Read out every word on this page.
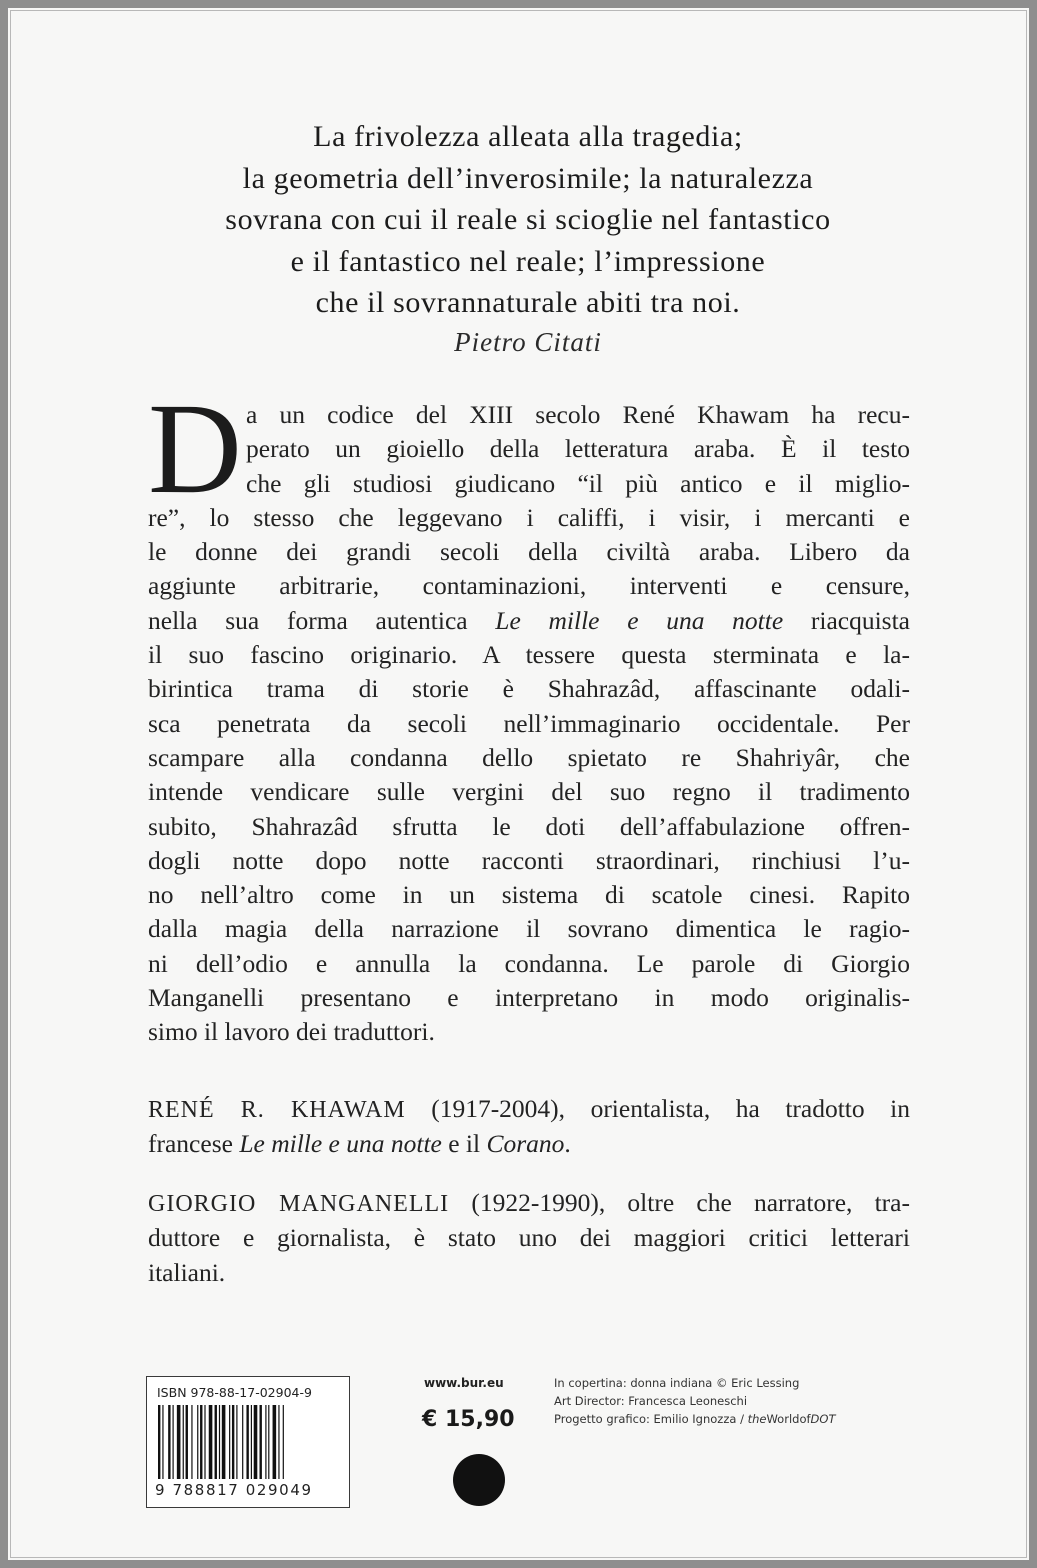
La frivolezza alleata alla tragedia;
la geometria dell’inverosimile; la naturalezza
sovrana con cui il reale si scioglie nel fantastico
e il fantastico nel reale; l’impressione
che il sovrannaturale abiti tra noi.
Pietro Citati
D a un codice del XIII secolo René Khawam ha recu-
perato un gioiello della letteratura araba. È il testo
che gli studiosi giudicano “il più antico e il miglio-
re”, lo stesso che leggevano i califfi, i visir, i mercanti e
le donne dei grandi secoli della civiltà araba. Libero da
aggiunte arbitrarie, contaminazioni, interventi e censure,
nella sua forma autentica Le mille e una notte riacquista
il suo fascino originario. A tessere questa sterminata e la-
birintica trama di storie è Shahrazâd, affascinante odali-
sca penetrata da secoli nell’immaginario occidentale. Per
scampare alla condanna dello spietato re Shahriyâr, che
intende vendicare sulle vergini del suo regno il tradimento
subito, Shahrazâd sfrutta le doti dell’affabulazione offren-
dogli notte dopo notte racconti straordinari, rinchiusi l’u-
no nell’altro come in un sistema di scatole cinesi. Rapito
dalla magia della narrazione il sovrano dimentica le ragio-
ni dell’odio e annulla la condanna. Le parole di Giorgio
Manganelli presentano e interpretano in modo originalis-
simo il lavoro dei traduttori.
RENÉ R. KHAWAM (1917-2004), orientalista, ha tradotto in
francese Le mille e una notte e il Corano.
GIORGIO MANGANELLI (1922-1990), oltre che narratore, tra-
duttore e giornalista, è stato uno dei maggiori critici letterari
italiani.
ISBN 978-88-17-02904-9
9 788817 029049
www.bur.eu
€ 15,90
In copertina: donna indiana © Eric Lessing
Art Director: Francesca Leoneschi
Progetto grafico: Emilio Ignozza / theWorldofDOT
